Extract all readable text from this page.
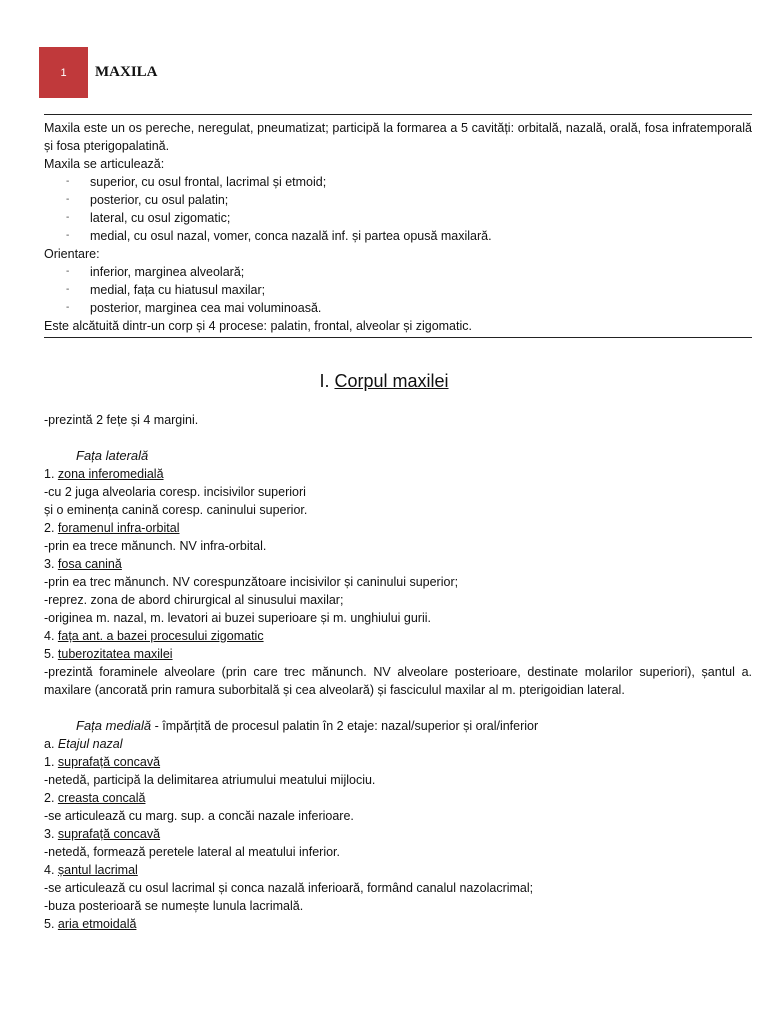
1	MAXILA

Maxila este un os pereche, neregulat, pneumatizat; participă la formarea a 5 cavități: orbitală, nazală, orală, fosa infratemporală și fosa pterigopalatină.

Maxila se articulează:

- superior, cu osul frontal, lacrimal și etmoid;
- posterior, cu osul palatin;
- lateral, cu osul zigomatic;
- medial, cu osul nazal, vomer, conca nazală inf. și partea opusă maxilară.

Orientare:

- inferior, marginea alveolară;
- medial, fața cu hiatusul maxilar;
- posterior, marginea cea mai voluminoasă.

Este alcătuită dintr-un corp și 4 procese: palatin, frontal, alveolar și zigomatic.

I. Corpul maxilei

-prezintă 2 fețe și 4 margini.

Fața laterală

1. zona inferomedială

-cu 2 juga alveolaria coresp. incisivilor superiori

și o eminența canină coresp. caninului superior.

2. foramenul infra-orbital

-prin ea trece mănunch. NV infra-orbital.

3. fosa canină

-prin ea trec mănunch. NV corespunzătoare incisivilor și caninului superior;

-reprez. zona de abord chirurgical al sinusului maxilar;

-originea m. nazal, m. levatori ai buzei superioare și m. unghiului gurii.

4. fața ant. a bazei procesului zigomatic

5. tuberozitatea maxilei

-prezintă foraminele alveolare (prin care trec mănunch. NV alveolare posterioare, destinate molarilor superiori), șantul a. maxilare (ancorată prin ramura suborbitală și cea alveolară) și fasciculul maxilar al m. pterigoidian lateral.

Fața medială - împărțită de procesul palatin în 2 etaje: nazal/superior și oral/inferior

a. Etajul nazal

1. suprafață concavă

-netedă, participă la delimitarea atriumului meatului mijlociu.

2. creasta concală

-se articulează cu marg. sup. a concăi nazale inferioare.

3. suprafață concavă

-netedă, formează peretele lateral al meatului inferior.

4. șantul lacrimal

-se articulează cu osul lacrimal și conca nazală inferioară, formând canalul nazolacrimal;

-buza posterioară se numește lunula lacrimală.

5. aria etmoidală
